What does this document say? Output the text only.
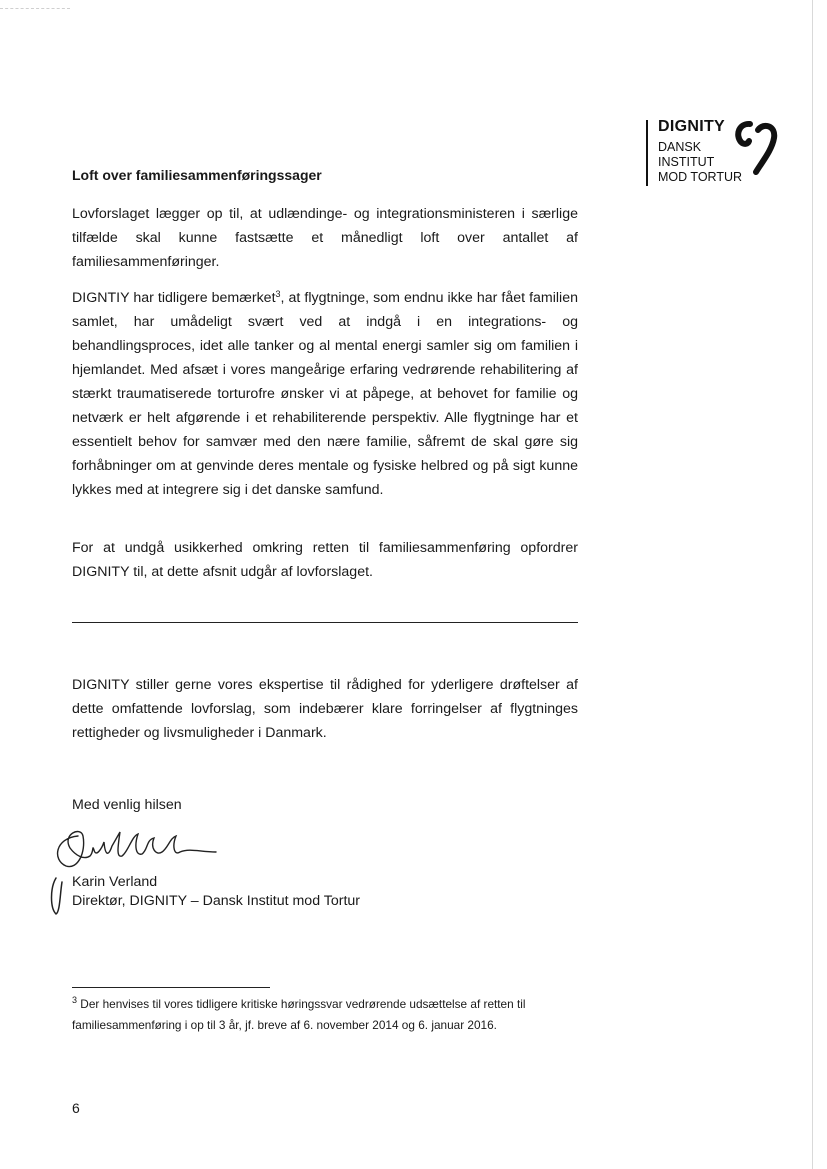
DIGNITY
DANSK
INSTITUT
MOD TORTUR
Loft over familiesammenføringssager
Lovforslaget lægger op til, at udlændinge- og integrationsministeren i særlige tilfælde skal kunne fastsætte et månedligt loft over antallet af familiesammenføringer.
DIGNTIY har tidligere bemærket$^3$, at flygtninge, som endnu ikke har fået familien samlet, har umådeligt svært ved at indgå i en integrations- og behandlingsproces, idet alle tanker og al mental energi samler sig om familien i hjemlandet. Med afsæt i vores mangeårige erfaring vedrørende rehabilitering af stærkt traumatiserede torturofre ønsker vi at påpege, at behovet for familie og netværk er helt afgørende i et rehabiliterende perspektiv. Alle flygtninge har et essentielt behov for samvær med den nære familie, såfremt de skal gøre sig forhåbninger om at genvinde deres mentale og fysiske helbred og på sigt kunne lykkes med at integrere sig i det danske samfund.
For at undgå usikkerhed omkring retten til familiesammenføring opfordrer DIGNITY til, at dette afsnit udgår af lovforslaget.
DIGNITY stiller gerne vores ekspertise til rådighed for yderligere drøftelser af dette omfattende lovforslag, som indebærer klare forringelser af flygtninges rettigheder og livsmuligheder i Danmark.
Med venlig hilsen
Karin Verland
Direktør, DIGNITY – Dansk Institut mod Tortur
$^3$ Der henvises til vores tidligere kritiske høringssvar vedrørende udsættelse af retten til familiesammenføring i op til 3 år, jf. breve af 6. november 2014 og 6. januar 2016.
6
